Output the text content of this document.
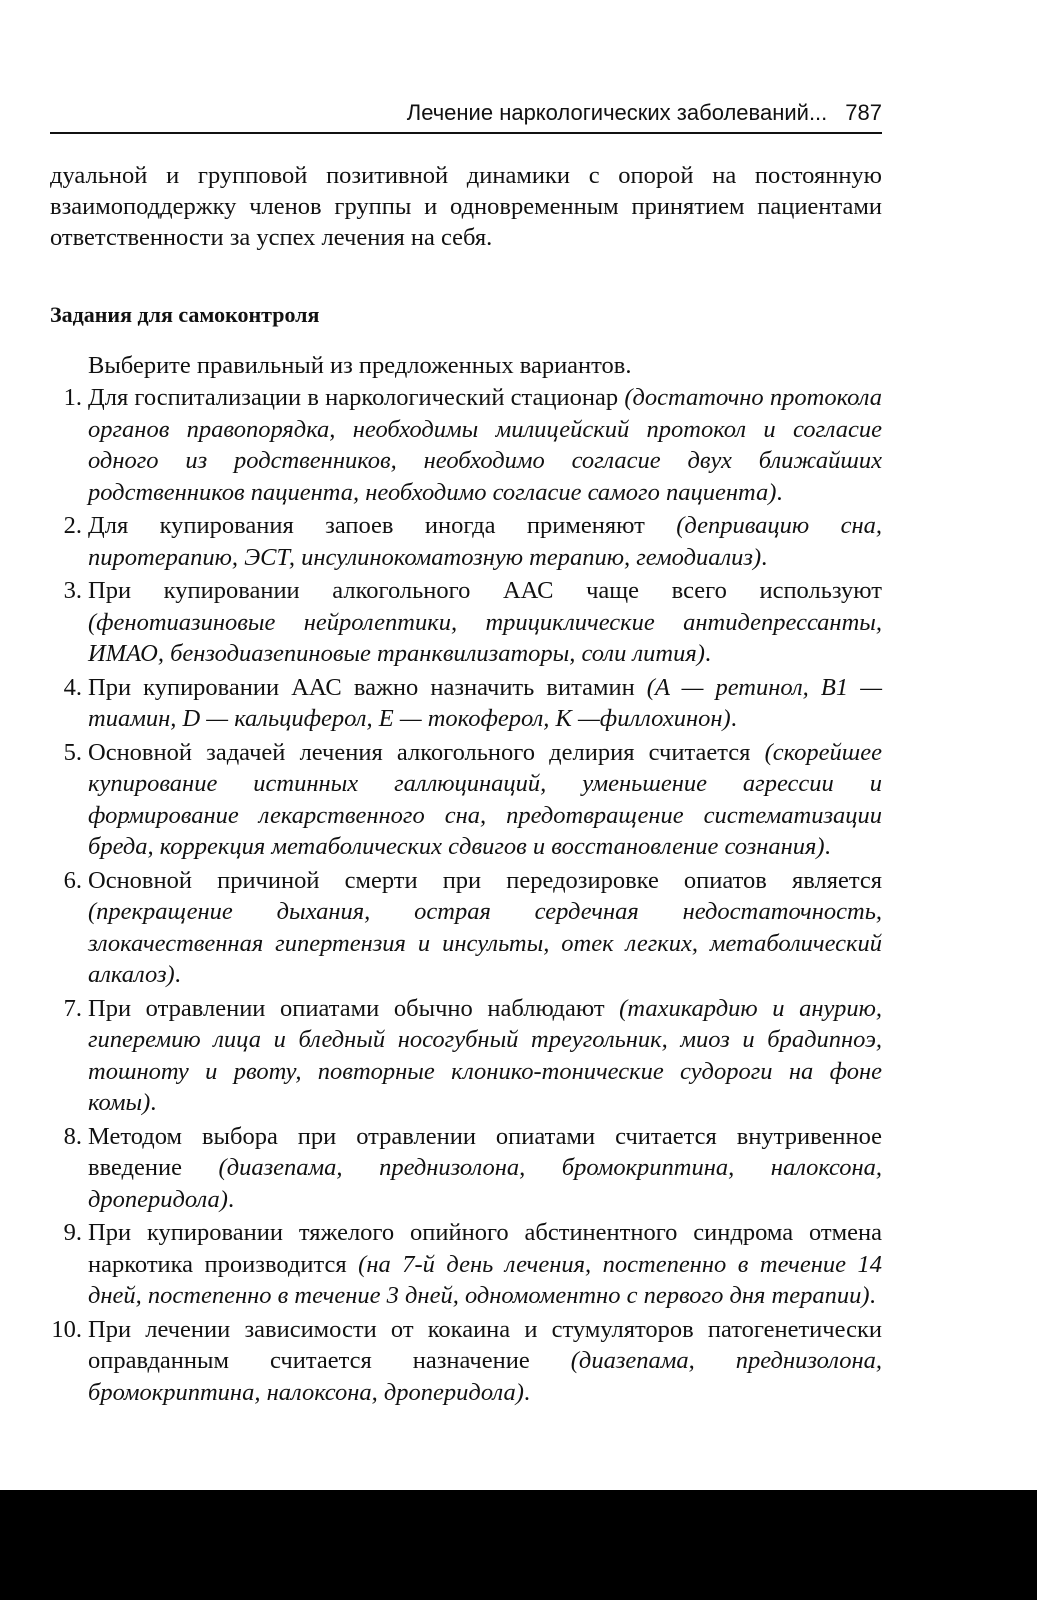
Лечение наркологических заболеваний... 787
дуальной и групповой позитивной динамики с опорой на постоянную взаимоподдержку членов группы и одновременным принятием пациентами ответственности за успех лечения на себя.
Задания для самоконтроля
Выберите правильный из предложенных вариантов.
1. Для госпитализации в наркологический стационар (достаточно протокола органов правопорядка, необходимы милицейский протокол и согласие одного из родственников, необходимо согласие двух ближайших родственников пациента, необходимо согласие самого пациента).
2. Для купирования запоев иногда применяют (депривацию сна, пиротерапию, ЭСТ, инсулинокоматозную терапию, гемодиализ).
3. При купировании алкогольного ААС чаще всего используют (фенотиазиновые нейролептики, трициклические антидепрессанты, ИМАО, бензодиазепиновые транквилизаторы, соли лития).
4. При купировании ААС важно назначить витамин (A — ретинол, B1 — тиамин, D — кальциферол, E — токоферол, K —филлохинон).
5. Основной задачей лечения алкогольного делирия считается (скорейшее купирование истинных галлюцинаций, уменьшение агрессии и формирование лекарственного сна, предотвращение систематизации бреда, коррекция метаболических сдвигов и восстановление сознания).
6. Основной причиной смерти при передозировке опиатов является (прекращение дыхания, острая сердечная недостаточность, злокачественная гипертензия и инсульты, отек легких, метаболический алкалоз).
7. При отравлении опиатами обычно наблюдают (тахикардию и анурию, гиперемию лица и бледный носогубный треугольник, миоз и брадипноэ, тошноту и рвоту, повторные клонико-тонические судороги на фоне комы).
8. Методом выбора при отравлении опиатами считается внутривенное введение (диазепама, преднизолона, бромокриптина, налоксона, дроперидола).
9. При купировании тяжелого опийного абстинентного синдрома отмена наркотика производится (на 7-й день лечения, постепенно в течение 14 дней, постепенно в течение 3 дней, одномоментно с первого дня терапии).
10. При лечении зависимости от кокаина и стумуляторов патогенетически оправданным считается назначение (диазепама, преднизолона, бромокриптина, налоксона, дроперидола).
